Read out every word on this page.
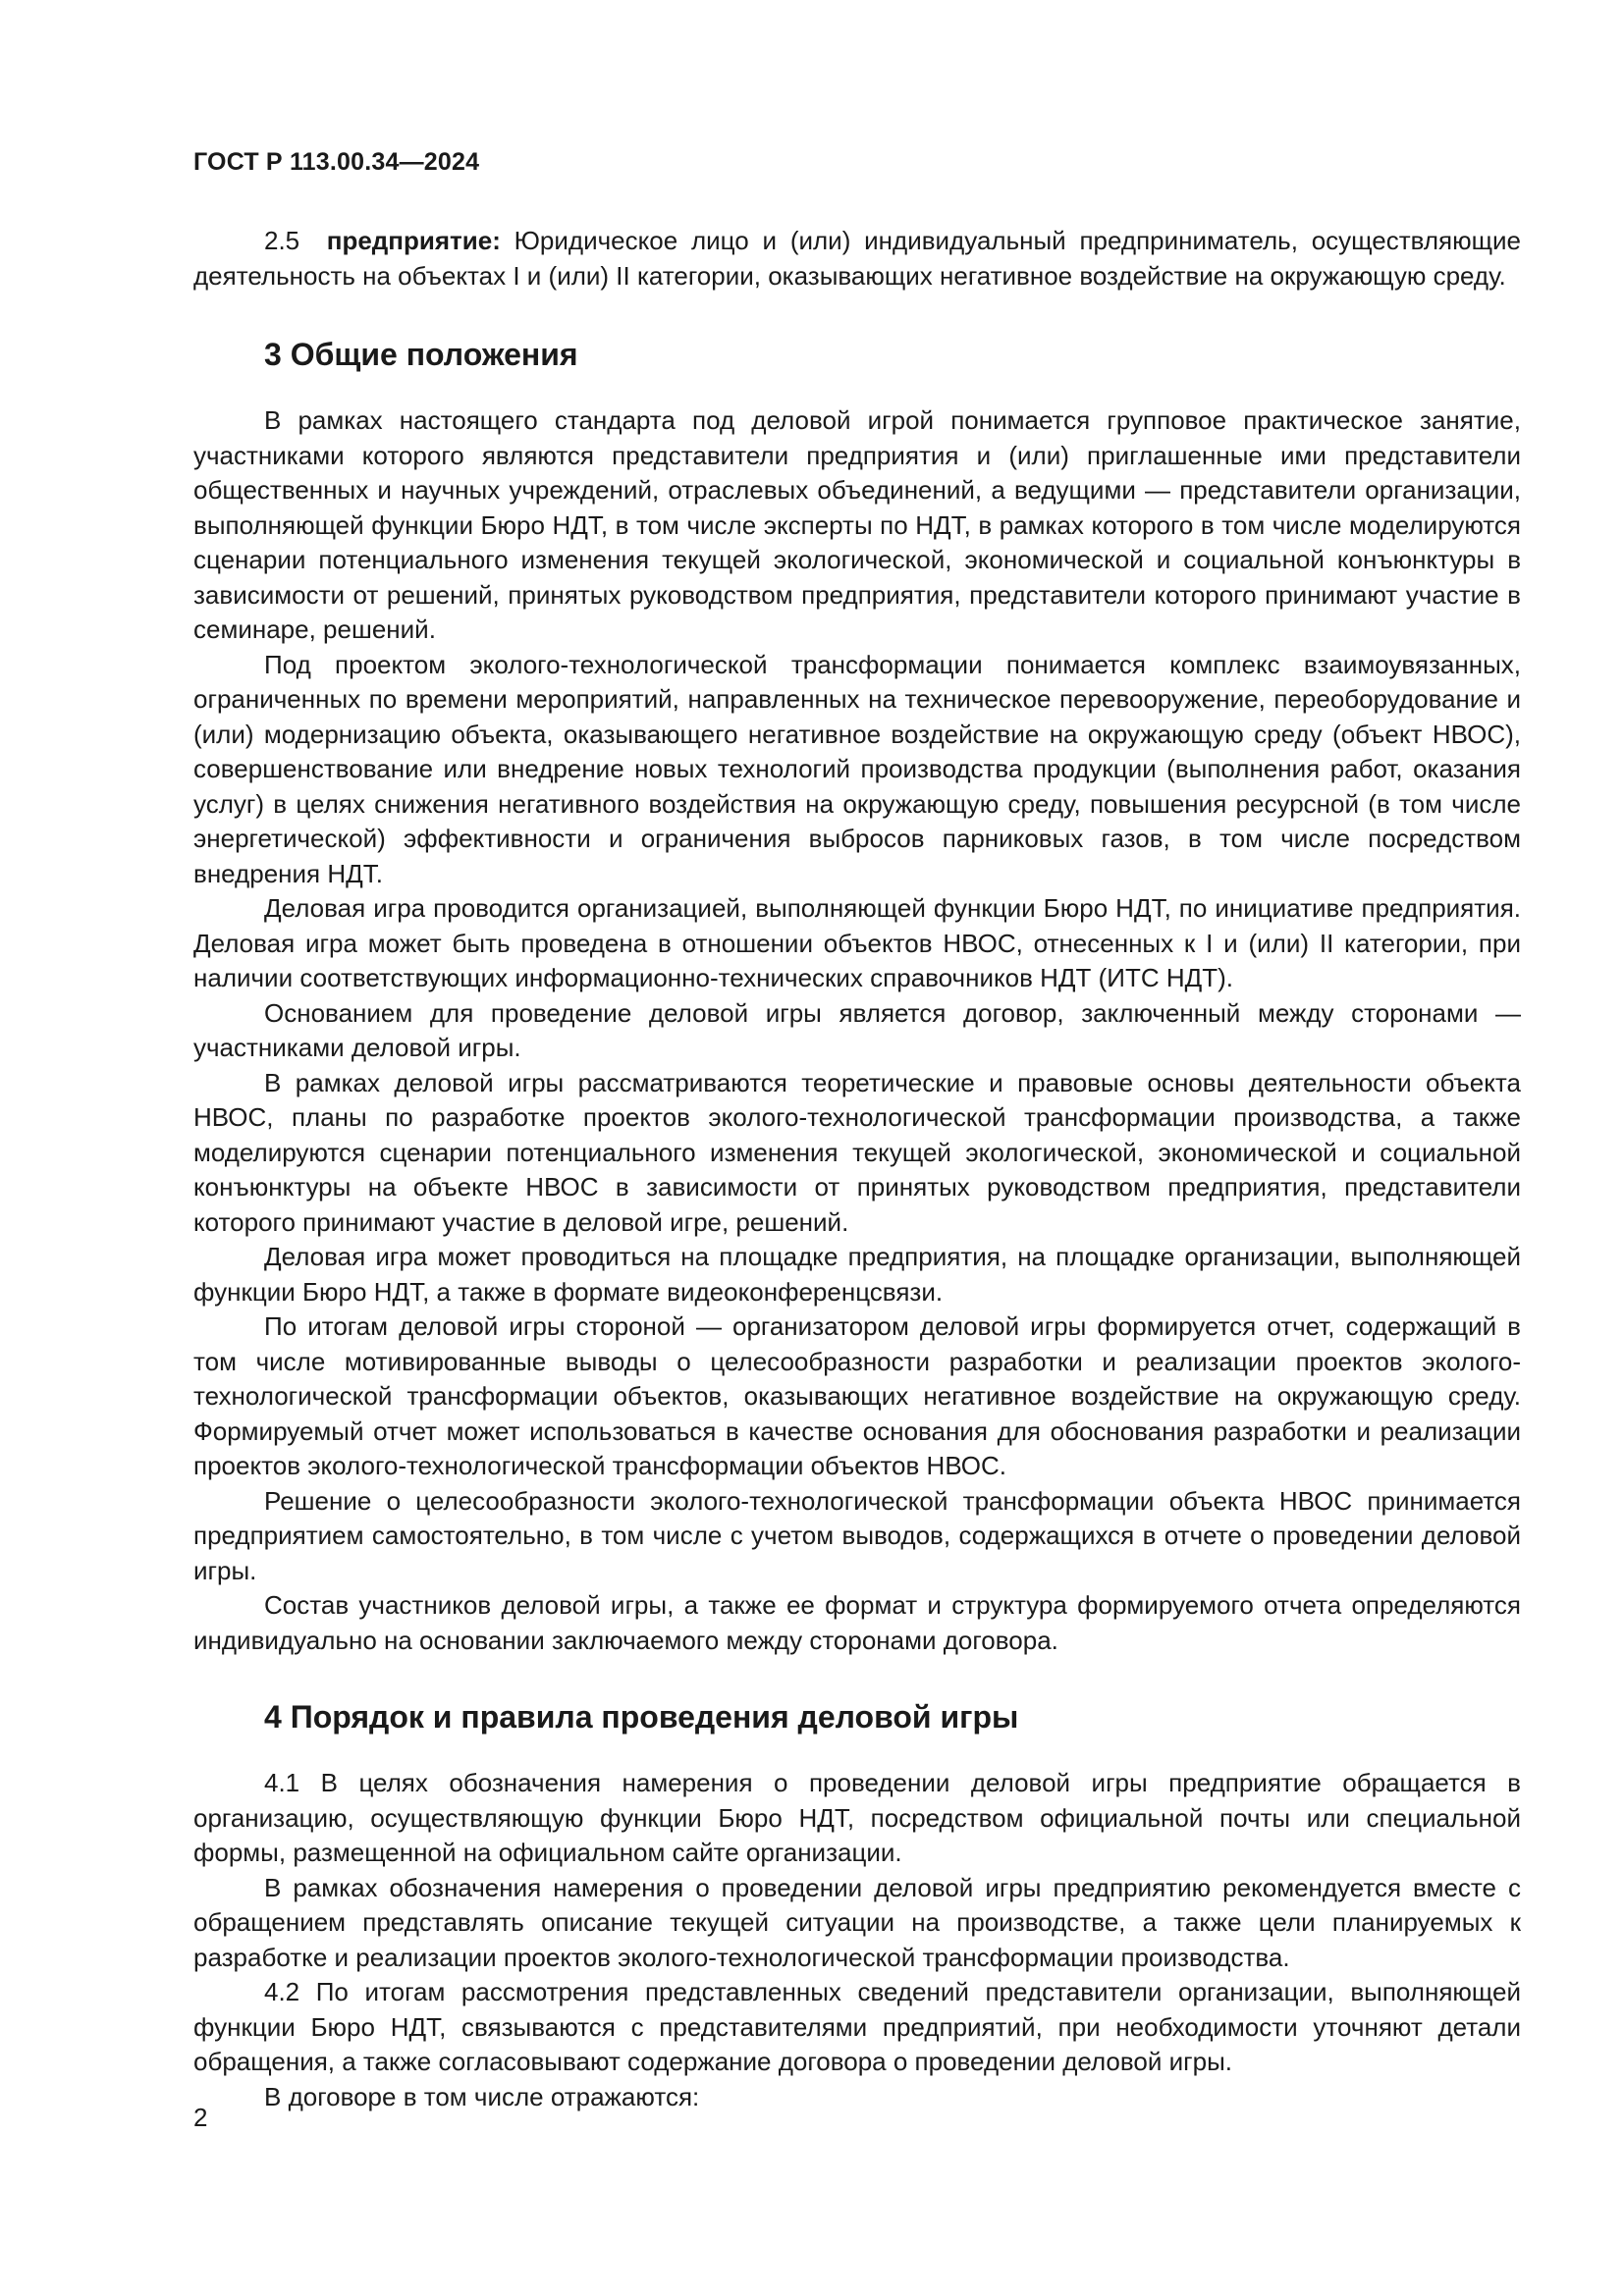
ГОСТ Р 113.00.34—2024

2.5 предприятие: Юридическое лицо и (или) индивидуальный предприниматель, осуществляющие деятельность на объектах I и (или) II категории, оказывающих негативное воздействие на окружающую среду.

3 Общие положения

В рамках настоящего стандарта под деловой игрой понимается групповое практическое занятие, участниками которого являются представители предприятия и (или) приглашенные ими представители общественных и научных учреждений, отраслевых объединений, а ведущими — представители организации, выполняющей функции Бюро НДТ, в том числе эксперты по НДТ, в рамках которого в том числе моделируются сценарии потенциального изменения текущей экологической, экономической и социальной конъюнктуры в зависимости от решений, принятых руководством предприятия, представители которого принимают участие в семинаре, решений.

Под проектом эколого-технологической трансформации понимается комплекс взаимоувязанных, ограниченных по времени мероприятий, направленных на техническое перевооружение, переоборудование и (или) модернизацию объекта, оказывающего негативное воздействие на окружающую среду (объект НВОС), совершенствование или внедрение новых технологий производства продукции (выполнения работ, оказания услуг) в целях снижения негативного воздействия на окружающую среду, повышения ресурсной (в том числе энергетической) эффективности и ограничения выбросов парниковых газов, в том числе посредством внедрения НДТ.

Деловая игра проводится организацией, выполняющей функции Бюро НДТ, по инициативе предприятия. Деловая игра может быть проведена в отношении объектов НВОС, отнесенных к I и (или) II категории, при наличии соответствующих информационно-технических справочников НДТ (ИТС НДТ).

Основанием для проведение деловой игры является договор, заключенный между сторонами — участниками деловой игры.

В рамках деловой игры рассматриваются теоретические и правовые основы деятельности объекта НВОС, планы по разработке проектов эколого-технологической трансформации производства, а также моделируются сценарии потенциального изменения текущей экологической, экономической и социальной конъюнктуры на объекте НВОС в зависимости от принятых руководством предприятия, представители которого принимают участие в деловой игре, решений.

Деловая игра может проводиться на площадке предприятия, на площадке организации, выполняющей функции Бюро НДТ, а также в формате видеоконференцсвязи.

По итогам деловой игры стороной — организатором деловой игры формируется отчет, содержащий в том числе мотивированные выводы о целесообразности разработки и реализации проектов эколого-технологической трансформации объектов, оказывающих негативное воздействие на окружающую среду. Формируемый отчет может использоваться в качестве основания для обоснования разработки и реализации проектов эколого-технологической трансформации объектов НВОС.

Решение о целесообразности эколого-технологической трансформации объекта НВОС принимается предприятием самостоятельно, в том числе с учетом выводов, содержащихся в отчете о проведении деловой игры.

Состав участников деловой игры, а также ее формат и структура формируемого отчета определяются индивидуально на основании заключаемого между сторонами договора.

4 Порядок и правила проведения деловой игры

4.1 В целях обозначения намерения о проведении деловой игры предприятие обращается в организацию, осуществляющую функции Бюро НДТ, посредством официальной почты или специальной формы, размещенной на официальном сайте организации.

В рамках обозначения намерения о проведении деловой игры предприятию рекомендуется вместе с обращением представлять описание текущей ситуации на производстве, а также цели планируемых к разработке и реализации проектов эколого-технологической трансформации производства.

4.2 По итогам рассмотрения представленных сведений представители организации, выполняющей функции Бюро НДТ, связываются с представителями предприятий, при необходимости уточняют детали обращения, а также согласовывают содержание договора о проведении деловой игры.

В договоре в том числе отражаются:

2
